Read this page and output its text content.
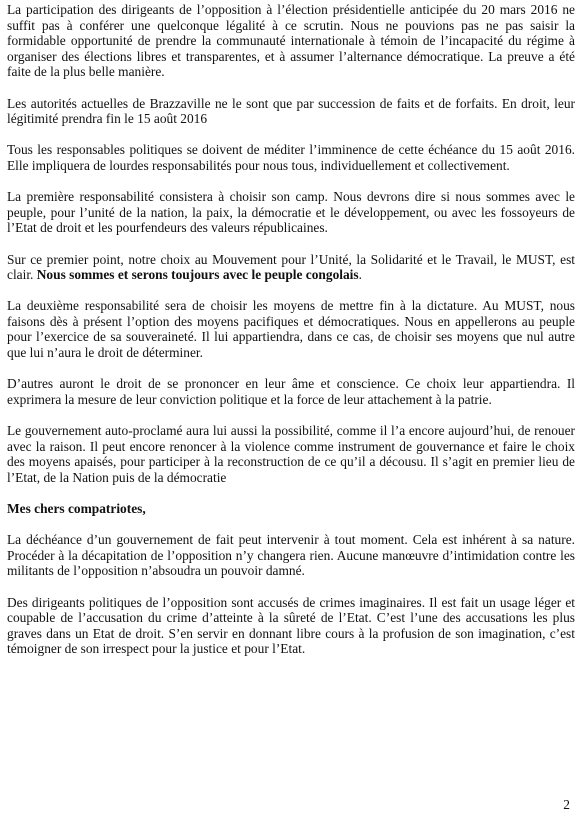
La participation des dirigeants de l’opposition à l’élection présidentielle anticipée du 20 mars 2016 ne suffit pas à conférer une quelconque légalité à ce scrutin. Nous ne pouvions pas ne pas saisir la formidable opportunité de prendre la communauté internationale à témoin de l’incapacité du régime à organiser des élections libres et transparentes, et à assumer l’alternance démocratique. La preuve a été faite de la plus belle manière.

Les autorités actuelles de Brazzaville ne le sont que par succession de faits et de forfaits. En droit, leur légitimité prendra fin le 15 août 2016

Tous les responsables politiques se doivent de méditer l’imminence de cette échéance du 15 août 2016. Elle impliquera de lourdes responsabilités pour nous tous, individuellement et collectivement.

La première responsabilité consistera à choisir son camp. Nous devrons dire si nous sommes avec le peuple, pour l’unité de la nation, la paix, la démocratie et le développement, ou avec les fossoyeurs de l’Etat de droit et les pourfendeurs des valeurs républicaines.

Sur ce premier point, notre choix au Mouvement pour l’Unité, la Solidarité et le Travail, le MUST, est clair. Nous sommes et serons toujours avec le peuple congolais.

La deuxième responsabilité sera de choisir les moyens de mettre fin à la dictature. Au MUST, nous faisons dès à présent l’option des moyens pacifiques et démocratiques. Nous en appellerons au peuple pour l’exercice de sa souveraineté. Il lui appartiendra, dans ce cas, de choisir ses moyens que nul autre que lui n’aura le droit de déterminer.

D’autres auront le droit de se prononcer en leur âme et conscience. Ce choix leur appartiendra. Il exprimera la mesure de leur conviction politique et la force de leur attachement à la patrie.

Le gouvernement auto-proclamé aura lui aussi la possibilité, comme il l’a encore aujourd’hui, de renouer avec la raison. Il peut encore renoncer à la violence comme instrument de gouvernance et faire le choix des moyens apaisés, pour participer à la reconstruction de ce qu’il a décousu. Il s’agit en premier lieu de l’Etat, de la Nation puis de la démocratie

Mes chers compatriotes,

La déchéance d’un gouvernement de fait peut intervenir à tout moment. Cela est inhérent à sa nature. Procéder à la décapitation de l’opposition n’y changera rien. Aucune manœuvre d’intimidation contre les militants de l’opposition n’absoudra un pouvoir damné.

Des dirigeants politiques de l’opposition sont accusés de crimes imaginaires. Il est fait un usage léger et coupable de l’accusation du crime d’atteinte à la sûreté de l’Etat. C’est l’une des accusations les plus graves dans un Etat de droit. S’en servir en donnant libre cours à la profusion de son imagination, c’est témoigner de son irrespect pour la justice et pour l’Etat.

2
